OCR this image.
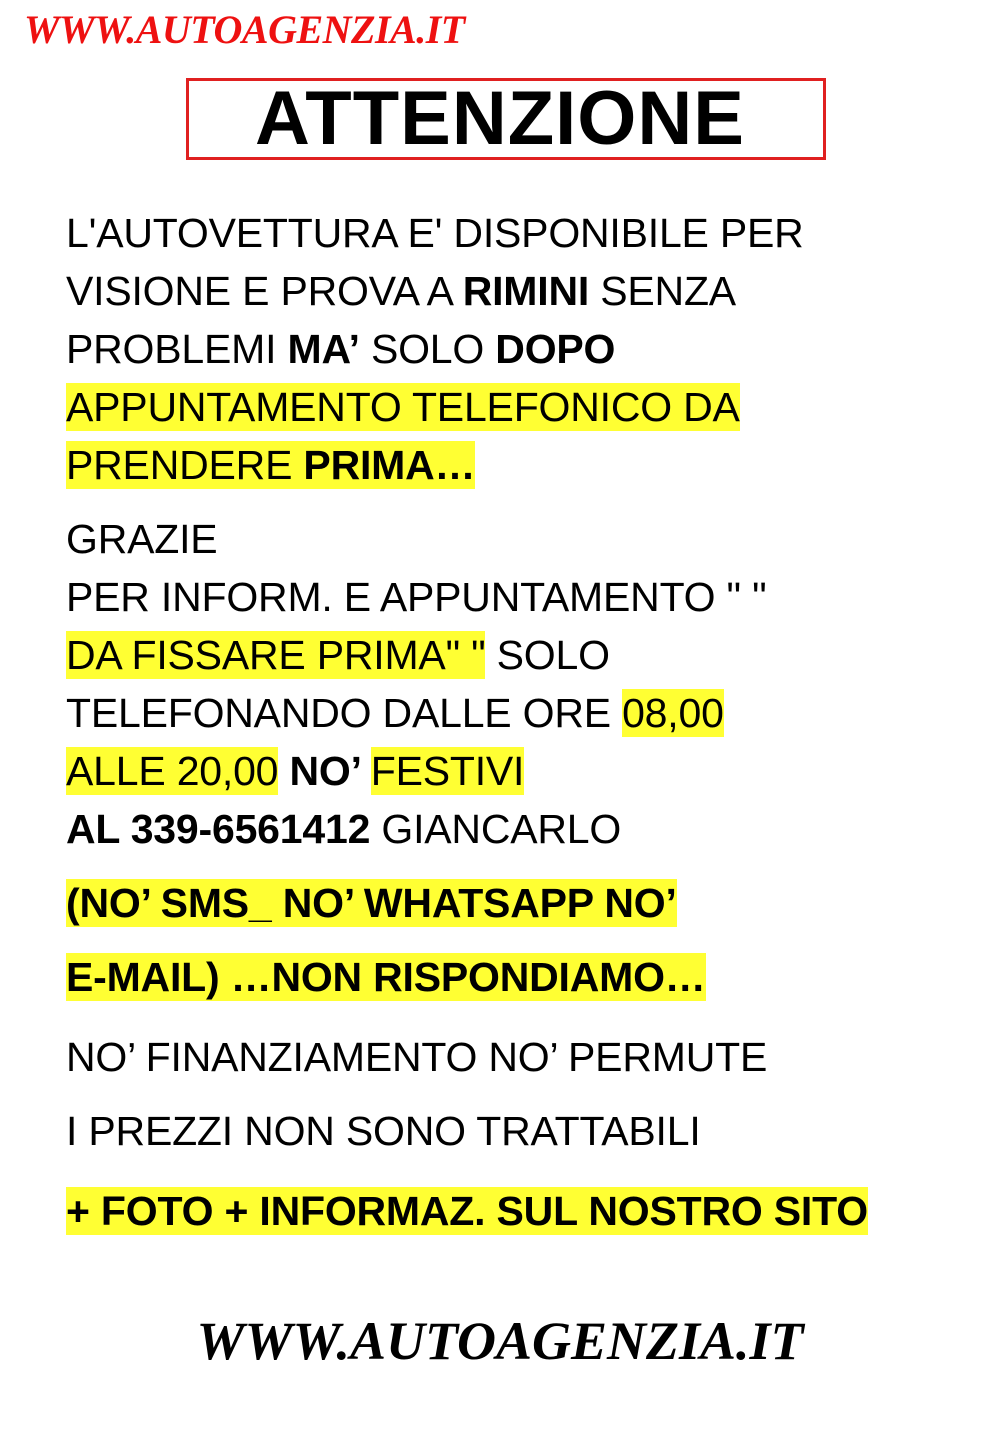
WWW.AUTOAGENZIA.IT
ATTENZIONE
L'AUTOVETTURA E' DISPONIBILE PER
VISIONE E PROVA A RIMINI SENZA
PROBLEMI MA’ SOLO DOPO
APPUNTAMENTO TELEFONICO DA
PRENDERE PRIMA…
GRAZIE
PER INFORM. E APPUNTAMENTO " "
DA FISSARE PRIMA" " SOLO
TELEFONANDO DALLE ORE 08,00
ALLE 20,00 NO’ FESTIVI
AL 339-6561412 GIANCARLO
(NO’ SMS_ NO’ WHATSAPP NO’
E-MAIL) …NON RISPONDIAMO…
NO’ FINANZIAMENTO NO’ PERMUTE
I PREZZI NON SONO TRATTABILI
+ FOTO + INFORMAZ. SUL NOSTRO SITO
WWW.AUTOAGENZIA.IT
